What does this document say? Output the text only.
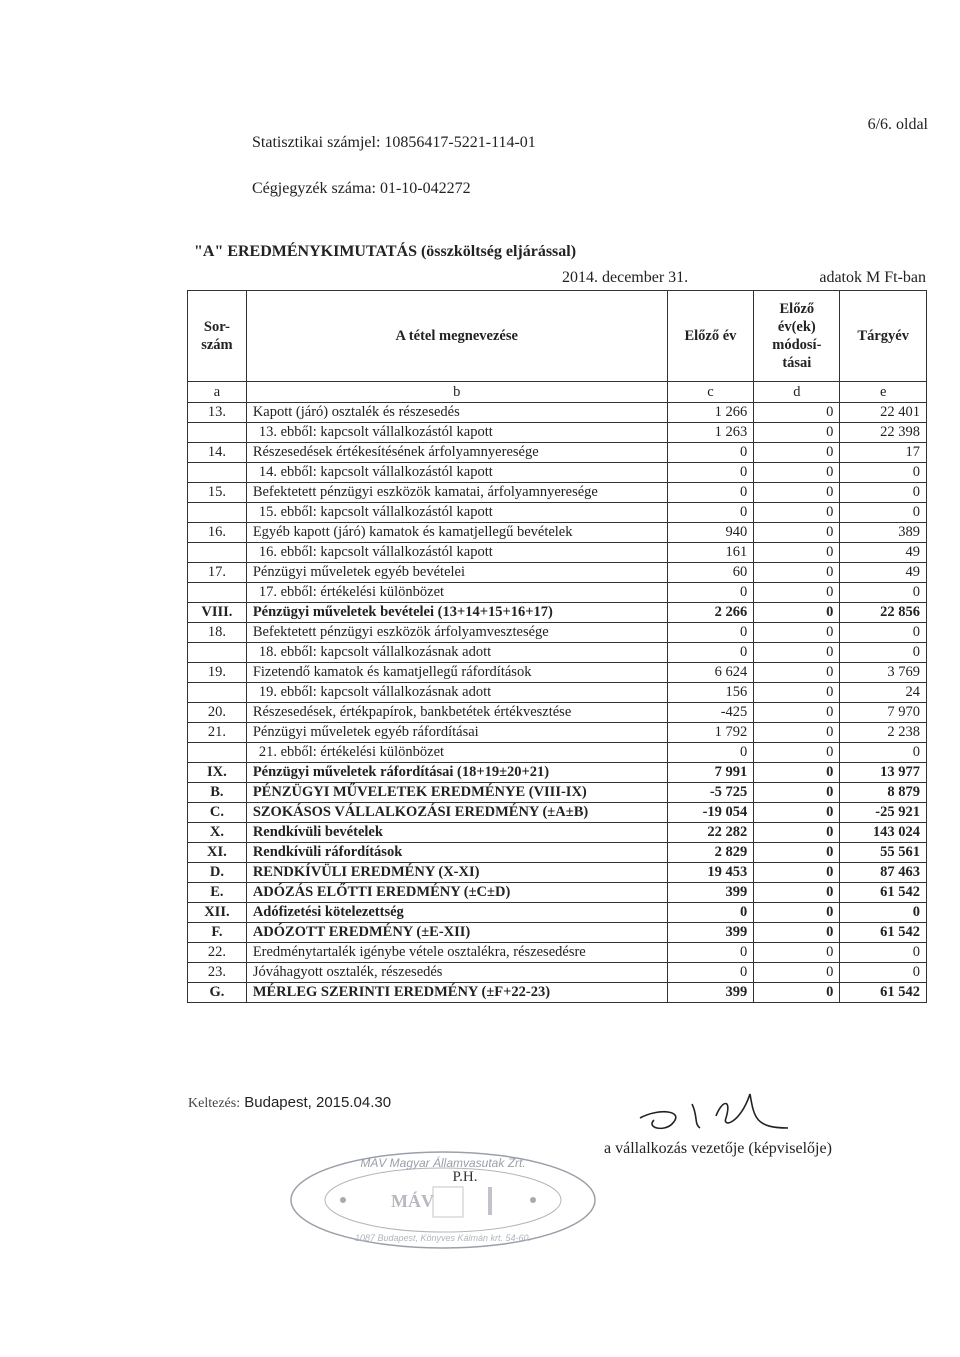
6/6. oldal
Statisztikai számjel: 10856417-5221-114-01
Cégjegyzék száma: 01-10-042272
"A" EREDMÉNYKIMUTATÁS (összköltség eljárással)
2014. december 31.	adatok M Ft-ban
Sor-
szám	A tétel megnevezése	Előző év	Előző
év(ek)
módosí-
tásai	Tárgyév
a	b	c	d	e
13.	Kapott (járó) osztalék és részesedés	1 266	0	22 401
	13. ebből: kapcsolt vállalkozástól kapott	1 263	0	22 398
14.	Részesedések értékesítésének árfolyamnyeresége	0	0	17
	14. ebből: kapcsolt vállalkozástól kapott	0	0	0
15.	Befektetett pénzügyi eszközök kamatai, árfolyamnyeresége	0	0	0
	15. ebből: kapcsolt vállalkozástól kapott	0	0	0
16.	Egyéb kapott (járó) kamatok és kamatjellegű bevételek	940	0	389
	16. ebből: kapcsolt vállalkozástól kapott	161	0	49
17.	Pénzügyi műveletek egyéb bevételei	60	0	49
	17. ebből: értékelési különbözet	0	0	0
VIII.	Pénzügyi műveletek bevételei (13+14+15+16+17)	2 266	0	22 856
18.	Befektetett pénzügyi eszközök árfolyamvesztesége	0	0	0
	18. ebből: kapcsolt vállalkozásnak adott	0	0	0
19.	Fizetendő kamatok és kamatjellegű ráfordítások	6 624	0	3 769
	19. ebből: kapcsolt vállalkozásnak adott	156	0	24
20.	Részesedések, értékpapírok, bankbetétek értékvesztése	-425	0	7 970
21.	Pénzügyi műveletek egyéb ráfordításai	1 792	0	2 238
	21. ebből: értékelési különbözet	0	0	0
IX.	Pénzügyi műveletek ráfordításai (18+19±20+21)	7 991	0	13 977
B.	PÉNZÜGYI MŰVELETEK EREDMÉNYE (VIII-IX)	-5 725	0	8 879
C.	SZOKÁSOS VÁLLALKOZÁSI EREDMÉNY (±A±B)	-19 054	0	-25 921
X.	Rendkívüli bevételek	22 282	0	143 024
XI.	Rendkívüli ráfordítások	2 829	0	55 561
D.	RENDKÍVÜLI EREDMÉNY (X-XI)	19 453	0	87 463
E.	ADÓZÁS ELŐTTI EREDMÉNY (±C±D)	399	0	61 542
XII.	Adófizetési kötelezettség	0	0	0
F.	ADÓZOTT EREDMÉNY (±E-XII)	399	0	61 542
22.	Eredménytartalék igénybe vétele osztalékra, részesedésre	0	0	0
23.	Jóváhagyott osztalék, részesedés	0	0	0
G.	MÉRLEG SZERINTI EREDMÉNY (±F+22-23)	399	0	61 542
Keltezés: Budapest, 2015.04.30
MÁV Magyar Államvasutak Zrt.
P.H.
MÁV
1087 Budapest, Könyves Kálmán krt. 54-60.
a vállalkozás vezetője (képviselője)
